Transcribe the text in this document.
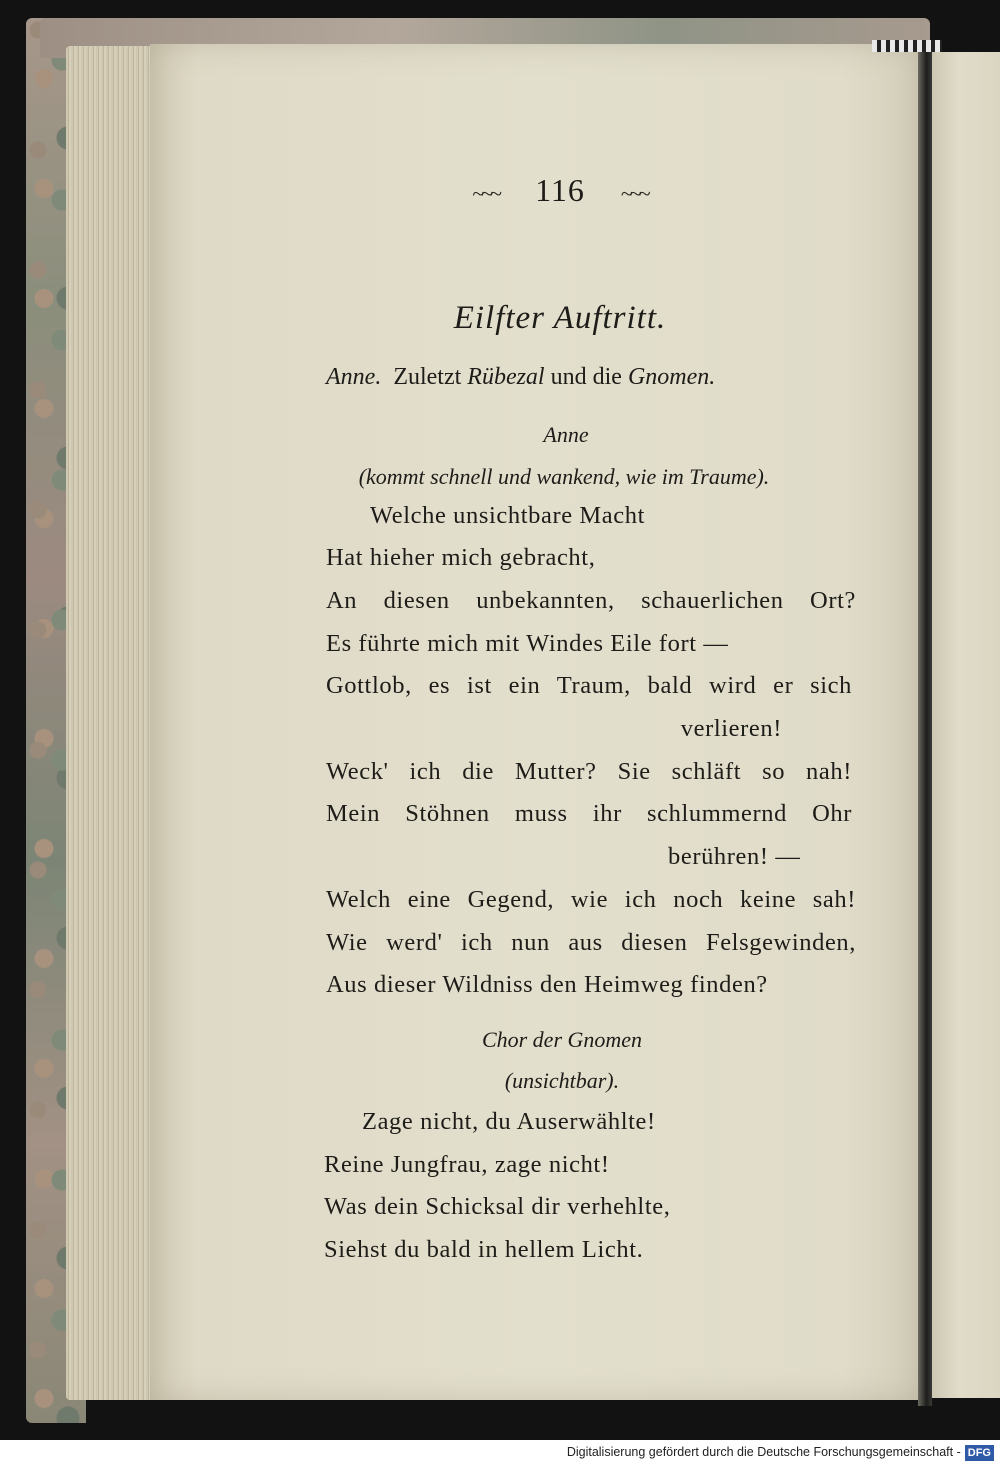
~~~ 116 ~~~
Eilfter Auftritt.
Anne. Zuletzt Rübezal und die Gnomen.
Anne
(kommt schnell und wankend, wie im Traume).
Welche unsichtbare Macht
Hat hieher mich gebracht,
An diesen unbekannten, schauerlichen Ort?
Es führte mich mit Windes Eile fort —
Gottlob, es ist ein Traum, bald wird er sich
verlieren!
Weck' ich die Mutter? Sie schläft so nah!
Mein Stöhnen muss ihr schlummernd Ohr
berühren! —
Welch eine Gegend, wie ich noch keine sah!
Wie werd' ich nun aus diesen Felsgewinden,
Aus dieser Wildniss den Heimweg finden?
Chor der Gnomen
(unsichtbar).
Zage nicht, du Auserwählte!
Reine Jungfrau, zage nicht!
Was dein Schicksal dir verhehlte,
Siehst du bald in hellem Licht.
Digitalisierung gefördert durch die Deutsche Forschungsgemeinschaft - DFG
